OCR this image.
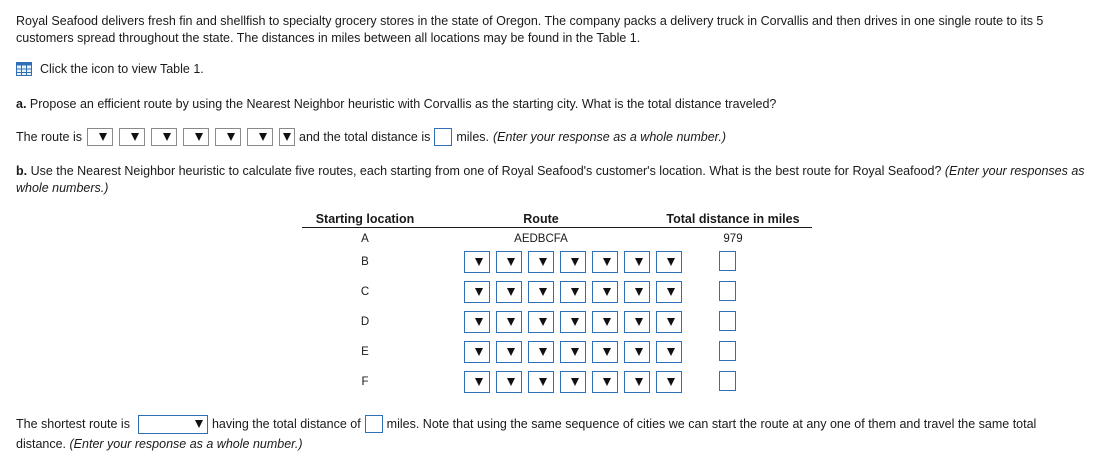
Royal Seafood delivers fresh fin and shellfish to specialty grocery stores in the state of Oregon. The company packs a delivery truck in Corvallis and then drives in one single route to its 5 customers spread throughout the state. The distances in miles between all locations may be found in the Table 1.
Click the icon to view Table 1.
a. Propose an efficient route by using the Nearest Neighbor heuristic with Corvallis as the starting city. What is the total distance traveled?
The route is	and the total distance is miles. (Enter your response as a whole number.)
b. Use the Nearest Neighbor heuristic to calculate five routes, each starting from one of Royal Seafood's customer's location. What is the best route for Royal Seafood? (Enter your responses as whole numbers.)
Starting location	Route	Total distance in miles
A	AEDBCFA	979
B
C
D
E
F
The shortest route is	having the total distance of miles. Note that using the same sequence of cities we can start the route at any one of them and travel the same total
distance. (Enter your response as a whole number.)
